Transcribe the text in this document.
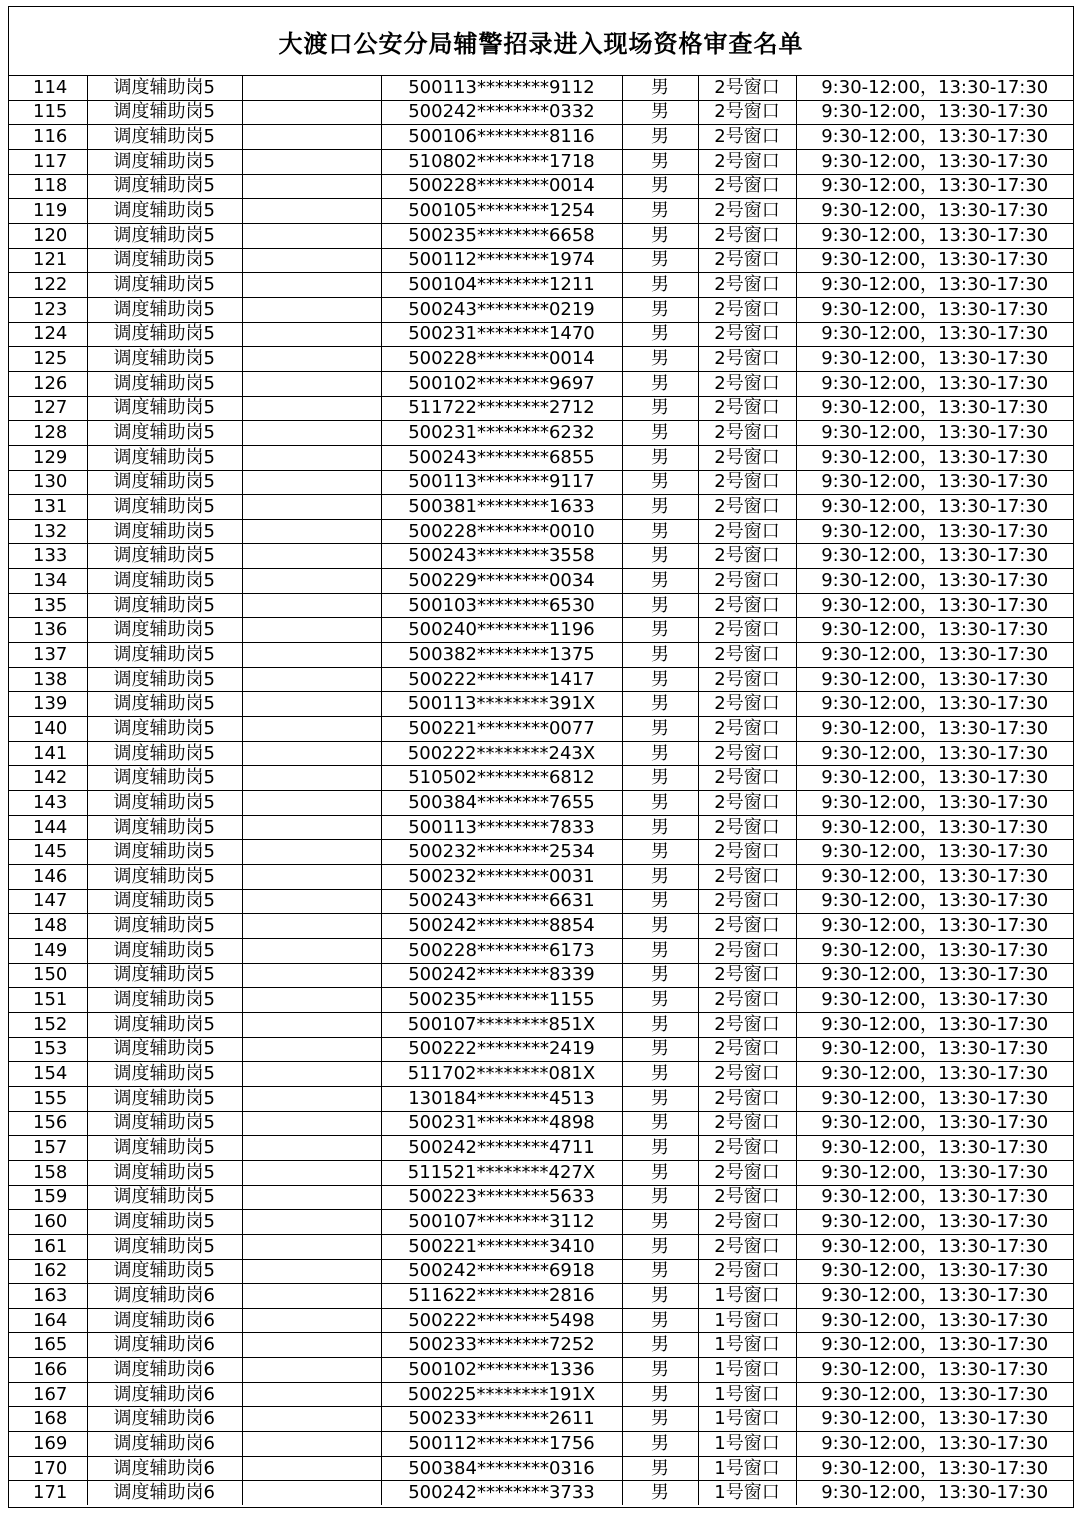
大渡口公安分局辅警招录进入现场资格审查名单
114	调度辅助岗5		500113********9112	男	2号窗口	9:30-12:00，13:30-17:30
115	调度辅助岗5		500242********0332	男	2号窗口	9:30-12:00，13:30-17:30
116	调度辅助岗5		500106********8116	男	2号窗口	9:30-12:00，13:30-17:30
117	调度辅助岗5		510802********1718	男	2号窗口	9:30-12:00，13:30-17:30
118	调度辅助岗5		500228********0014	男	2号窗口	9:30-12:00，13:30-17:30
119	调度辅助岗5		500105********1254	男	2号窗口	9:30-12:00，13:30-17:30
120	调度辅助岗5		500235********6658	男	2号窗口	9:30-12:00，13:30-17:30
121	调度辅助岗5		500112********1974	男	2号窗口	9:30-12:00，13:30-17:30
122	调度辅助岗5		500104********1211	男	2号窗口	9:30-12:00，13:30-17:30
123	调度辅助岗5		500243********0219	男	2号窗口	9:30-12:00，13:30-17:30
124	调度辅助岗5		500231********1470	男	2号窗口	9:30-12:00，13:30-17:30
125	调度辅助岗5		500228********0014	男	2号窗口	9:30-12:00，13:30-17:30
126	调度辅助岗5		500102********9697	男	2号窗口	9:30-12:00，13:30-17:30
127	调度辅助岗5		511722********2712	男	2号窗口	9:30-12:00，13:30-17:30
128	调度辅助岗5		500231********6232	男	2号窗口	9:30-12:00，13:30-17:30
129	调度辅助岗5		500243********6855	男	2号窗口	9:30-12:00，13:30-17:30
130	调度辅助岗5		500113********9117	男	2号窗口	9:30-12:00，13:30-17:30
131	调度辅助岗5		500381********1633	男	2号窗口	9:30-12:00，13:30-17:30
132	调度辅助岗5		500228********0010	男	2号窗口	9:30-12:00，13:30-17:30
133	调度辅助岗5		500243********3558	男	2号窗口	9:30-12:00，13:30-17:30
134	调度辅助岗5		500229********0034	男	2号窗口	9:30-12:00，13:30-17:30
135	调度辅助岗5		500103********6530	男	2号窗口	9:30-12:00，13:30-17:30
136	调度辅助岗5		500240********1196	男	2号窗口	9:30-12:00，13:30-17:30
137	调度辅助岗5		500382********1375	男	2号窗口	9:30-12:00，13:30-17:30
138	调度辅助岗5		500222********1417	男	2号窗口	9:30-12:00，13:30-17:30
139	调度辅助岗5		500113********391X	男	2号窗口	9:30-12:00，13:30-17:30
140	调度辅助岗5		500221********0077	男	2号窗口	9:30-12:00，13:30-17:30
141	调度辅助岗5		500222********243X	男	2号窗口	9:30-12:00，13:30-17:30
142	调度辅助岗5		510502********6812	男	2号窗口	9:30-12:00，13:30-17:30
143	调度辅助岗5		500384********7655	男	2号窗口	9:30-12:00，13:30-17:30
144	调度辅助岗5		500113********7833	男	2号窗口	9:30-12:00，13:30-17:30
145	调度辅助岗5		500232********2534	男	2号窗口	9:30-12:00，13:30-17:30
146	调度辅助岗5		500232********0031	男	2号窗口	9:30-12:00，13:30-17:30
147	调度辅助岗5		500243********6631	男	2号窗口	9:30-12:00，13:30-17:30
148	调度辅助岗5		500242********8854	男	2号窗口	9:30-12:00，13:30-17:30
149	调度辅助岗5		500228********6173	男	2号窗口	9:30-12:00，13:30-17:30
150	调度辅助岗5		500242********8339	男	2号窗口	9:30-12:00，13:30-17:30
151	调度辅助岗5		500235********1155	男	2号窗口	9:30-12:00，13:30-17:30
152	调度辅助岗5		500107********851X	男	2号窗口	9:30-12:00，13:30-17:30
153	调度辅助岗5		500222********2419	男	2号窗口	9:30-12:00，13:30-17:30
154	调度辅助岗5		511702********081X	男	2号窗口	9:30-12:00，13:30-17:30
155	调度辅助岗5		130184********4513	男	2号窗口	9:30-12:00，13:30-17:30
156	调度辅助岗5		500231********4898	男	2号窗口	9:30-12:00，13:30-17:30
157	调度辅助岗5		500242********4711	男	2号窗口	9:30-12:00，13:30-17:30
158	调度辅助岗5		511521********427X	男	2号窗口	9:30-12:00，13:30-17:30
159	调度辅助岗5		500223********5633	男	2号窗口	9:30-12:00，13:30-17:30
160	调度辅助岗5		500107********3112	男	2号窗口	9:30-12:00，13:30-17:30
161	调度辅助岗5		500221********3410	男	2号窗口	9:30-12:00，13:30-17:30
162	调度辅助岗5		500242********6918	男	2号窗口	9:30-12:00，13:30-17:30
163	调度辅助岗6		511622********2816	男	1号窗口	9:30-12:00，13:30-17:30
164	调度辅助岗6		500222********5498	男	1号窗口	9:30-12:00，13:30-17:30
165	调度辅助岗6		500233********7252	男	1号窗口	9:30-12:00，13:30-17:30
166	调度辅助岗6		500102********1336	男	1号窗口	9:30-12:00，13:30-17:30
167	调度辅助岗6		500225********191X	男	1号窗口	9:30-12:00，13:30-17:30
168	调度辅助岗6		500233********2611	男	1号窗口	9:30-12:00，13:30-17:30
169	调度辅助岗6		500112********1756	男	1号窗口	9:30-12:00，13:30-17:30
170	调度辅助岗6		500384********0316	男	1号窗口	9:30-12:00，13:30-17:30
171	调度辅助岗6		500242********3733	男	1号窗口	9:30-12:00，13:30-17:30
